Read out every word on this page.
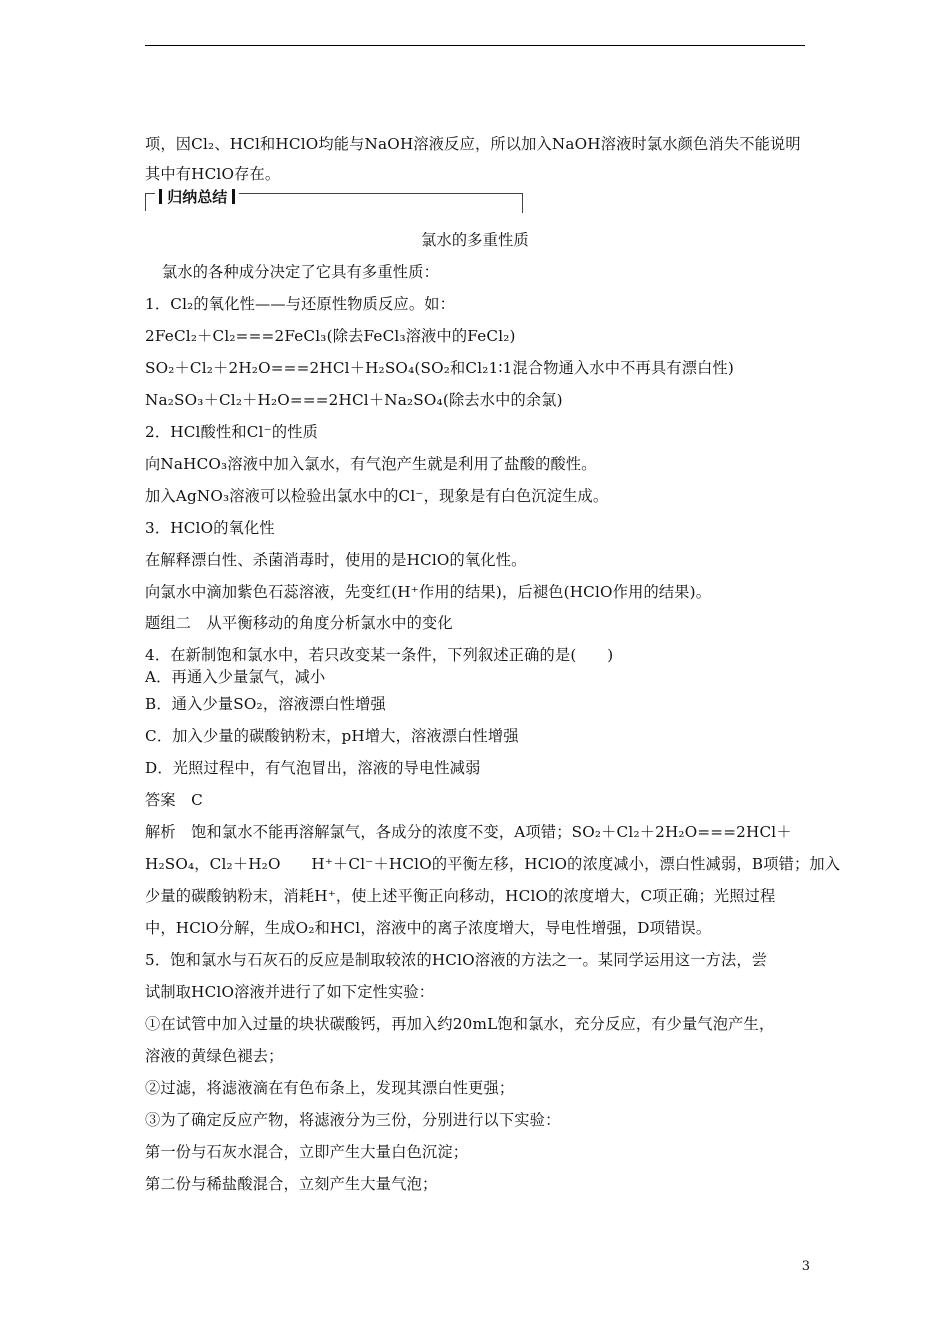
项，因Cl₂、HCl和HClO均能与NaOH溶液反应，所以加入NaOH溶液时氯水颜色消失不能说明
其中有HClO存在。
归纳总结
氯水的多重性质
氯水的各种成分决定了它具有多重性质：
1．Cl₂的氧化性——与还原性物质反应。如：
2FeCl₂＋Cl₂===2FeCl₃(除去FeCl₃溶液中的FeCl₂)
SO₂＋Cl₂＋2H₂O===2HCl＋H₂SO₄(SO₂和Cl₂1∶1混合物通入水中不再具有漂白性)
Na₂SO₃＋Cl₂＋H₂O===2HCl＋Na₂SO₄(除去水中的余氯)
2．HCl酸性和Cl⁻的性质
向NaHCO₃溶液中加入氯水，有气泡产生就是利用了盐酸的酸性。
加入AgNO₃溶液可以检验出氯水中的Cl⁻，现象是有白色沉淀生成。
3．HClO的氧化性
在解释漂白性、杀菌消毒时，使用的是HClO的氧化性。
向氯水中滴加紫色石蕊溶液，先变红(H⁺作用的结果)，后褪色(HClO作用的结果)。
题组二　从平衡移动的角度分析氯水中的变化
4．在新制饱和氯水中，若只改变某一条件，下列叙述正确的是(　　)
A．再通入少量氯气，减小
B．通入少量SO₂，溶液漂白性增强
C．加入少量的碳酸钠粉末，pH增大，溶液漂白性增强
D．光照过程中，有气泡冒出，溶液的导电性减弱
答案　C
解析　饱和氯水不能再溶解氯气，各成分的浓度不变，A项错；SO₂＋Cl₂＋2H₂O===2HCl＋
H₂SO₄，Cl₂＋H₂O　　H⁺＋Cl⁻＋HClO的平衡左移，HClO的浓度减小，漂白性减弱，B项错；加入
少量的碳酸钠粉末，消耗H⁺，使上述平衡正向移动，HClO的浓度增大，C项正确；光照过程
中，HClO分解，生成O₂和HCl，溶液中的离子浓度增大，导电性增强，D项错误。
5．饱和氯水与石灰石的反应是制取较浓的HClO溶液的方法之一。某同学运用这一方法，尝
试制取HClO溶液并进行了如下定性实验：
①在试管中加入过量的块状碳酸钙，再加入约20mL饱和氯水，充分反应，有少量气泡产生，
溶液的黄绿色褪去；
②过滤，将滤液滴在有色布条上，发现其漂白性更强；
③为了确定反应产物，将滤液分为三份，分别进行以下实验：
第一份与石灰水混合，立即产生大量白色沉淀；
第二份与稀盐酸混合，立刻产生大量气泡；
3
